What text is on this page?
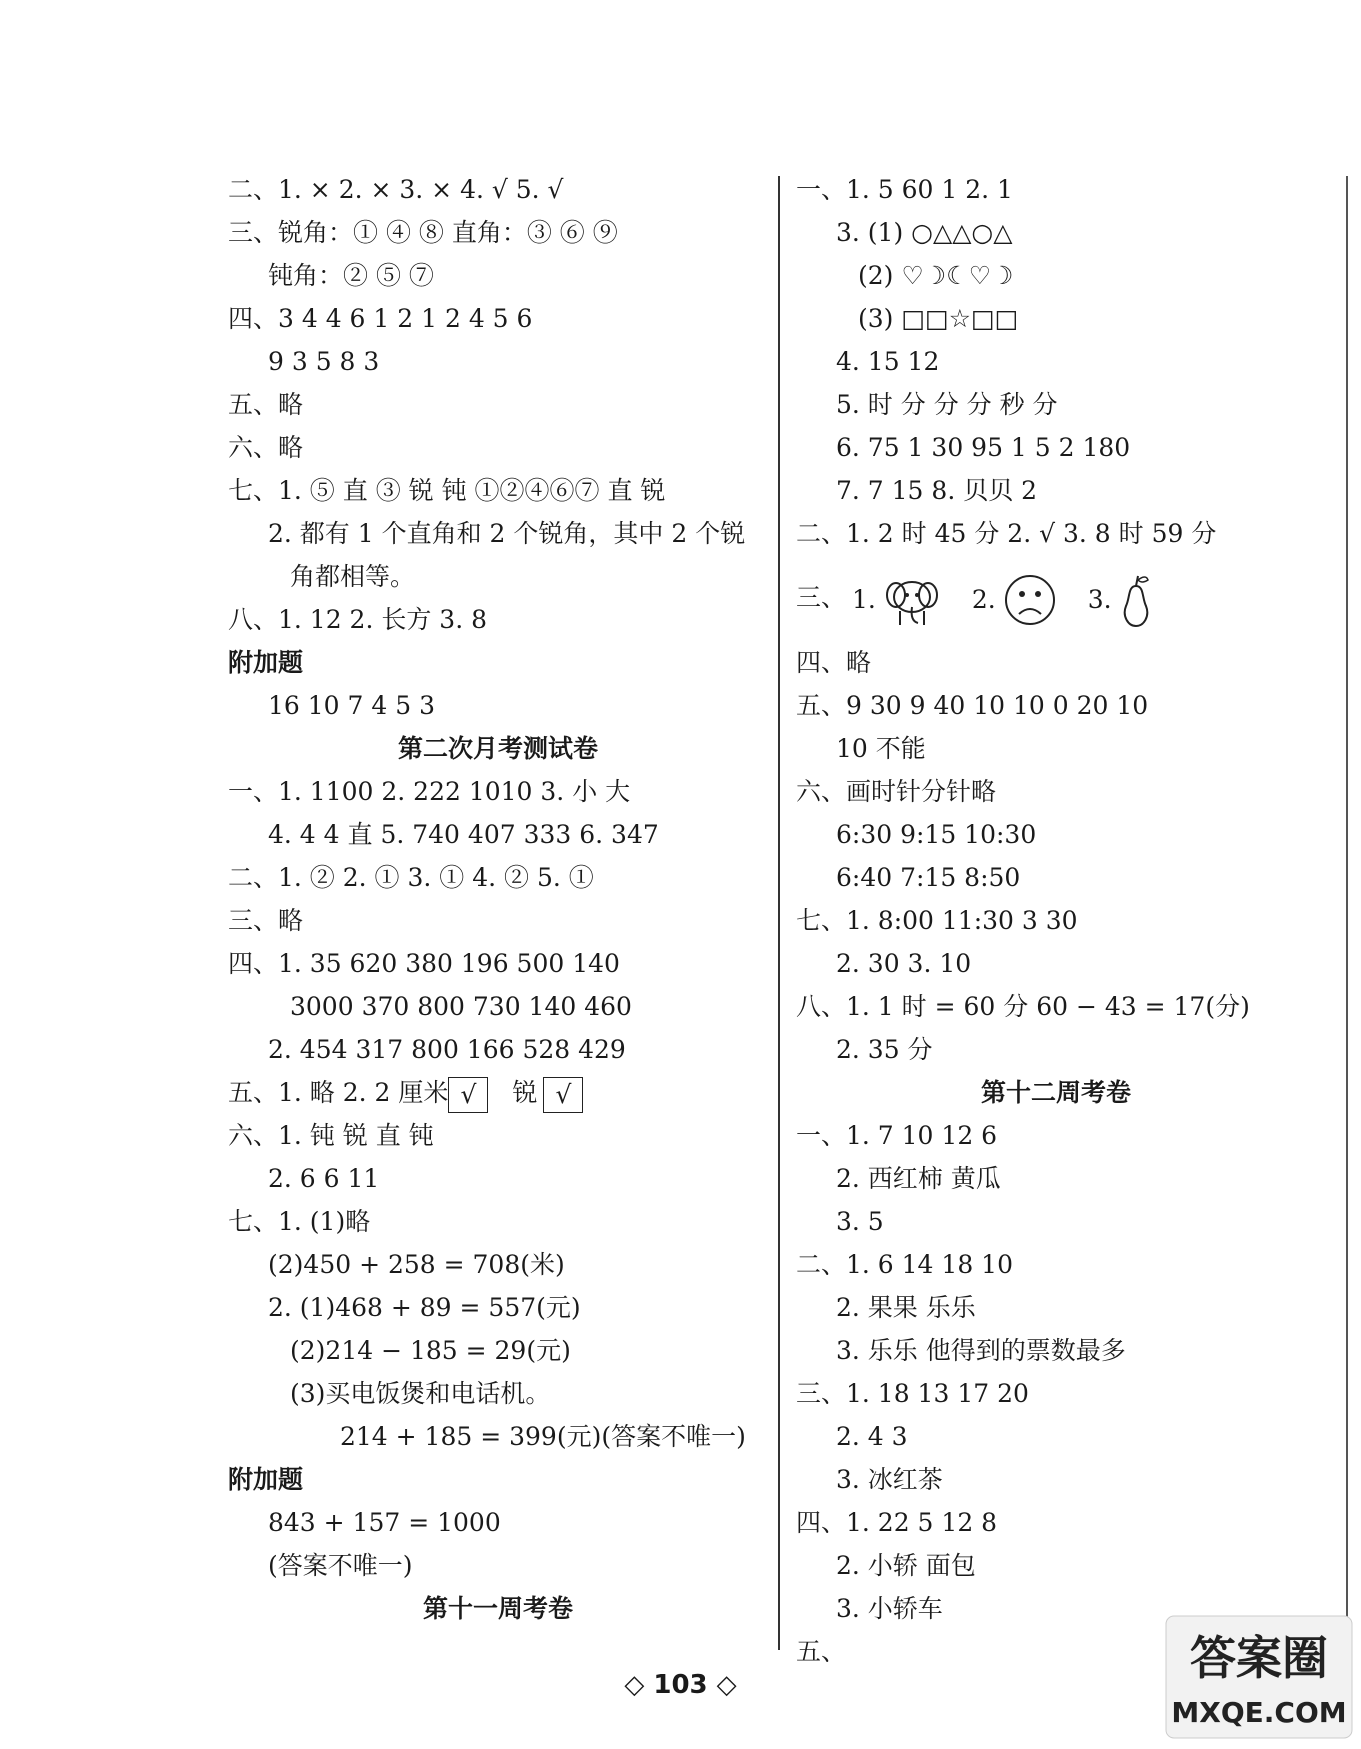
二、1. × 2. × 3. × 4. √ 5. √
三、锐角：① ④ ⑧ 直角：③ ⑥ ⑨
钝角：② ⑤ ⑦
四、3 4 4 6 1 2 1 2 4 5 6
9 3 5 8 3
五、略
六、略
七、1. ⑤ 直 ③ 锐 钝 ①②④⑥⑦ 直 锐
2. 都有 1 个直角和 2 个锐角，其中 2 个锐
角都相等。
八、1. 12 2. 长方 3. 8
附加题
16 10 7 4 5 3
第二次月考测试卷
一、1. 1100 2. 222 1010 3. 小 大
4. 4 4 直 5. 740 407 333 6. 347
二、1. ② 2. ① 3. ① 4. ② 5. ①
三、略
四、1. 35 620 380 196 500 140
3000 370 800 730 140 460
2. 454 317 800 166 528 429
五、1. 略 2. 2 厘米 √ 锐 √
六、1. 钝 锐 直 钝
2. 6 6 11
七、1. (1)略
(2)450 + 258 = 708(米)
2. (1)468 + 89 = 557(元)
(2)214 − 185 = 29(元)
(3)买电饭煲和电话机。
214 + 185 = 399(元)(答案不唯一)
附加题
843 + 157 = 1000
(答案不唯一)
第十一周考卷
一、1. 5 60 1 2. 1
3. (1) ○△△○△
(2) ♡☽☾♡☽
(3) □□☆□□
4. 15 12
5. 时 分 分 分 秒 分
6. 75 1 30 95 1 5 2 180
7. 7 15 8. 贝贝 2
二、1. 2 时 45 分 2. √ 3. 8 时 59 分
三、 1.	2.	3.
四、略
五、9 30 9 40 10 10 0 20 10
10 不能
六、画时针分针略
6:30 9:15 10:30
6:40 7:15 8:50
七、1. 8:00 11:30 3 30
2. 30 3. 10
八、1. 1 时 = 60 分 60 − 43 = 17(分)
2. 35 分
第十二周考卷
一、1. 7 10 12 6
2. 西红柿 黄瓜
3. 5
二、1. 6 14 18 10
2. 果果 乐乐
3. 乐乐 他得到的票数最多
三、1. 18 13 17 20
2. 4 3
3. 冰红茶
四、1. 22 5 12 8
2. 小轿 面包
3. 小轿车
五、
◇ 103 ◇	答案圈
MXQE.COM
